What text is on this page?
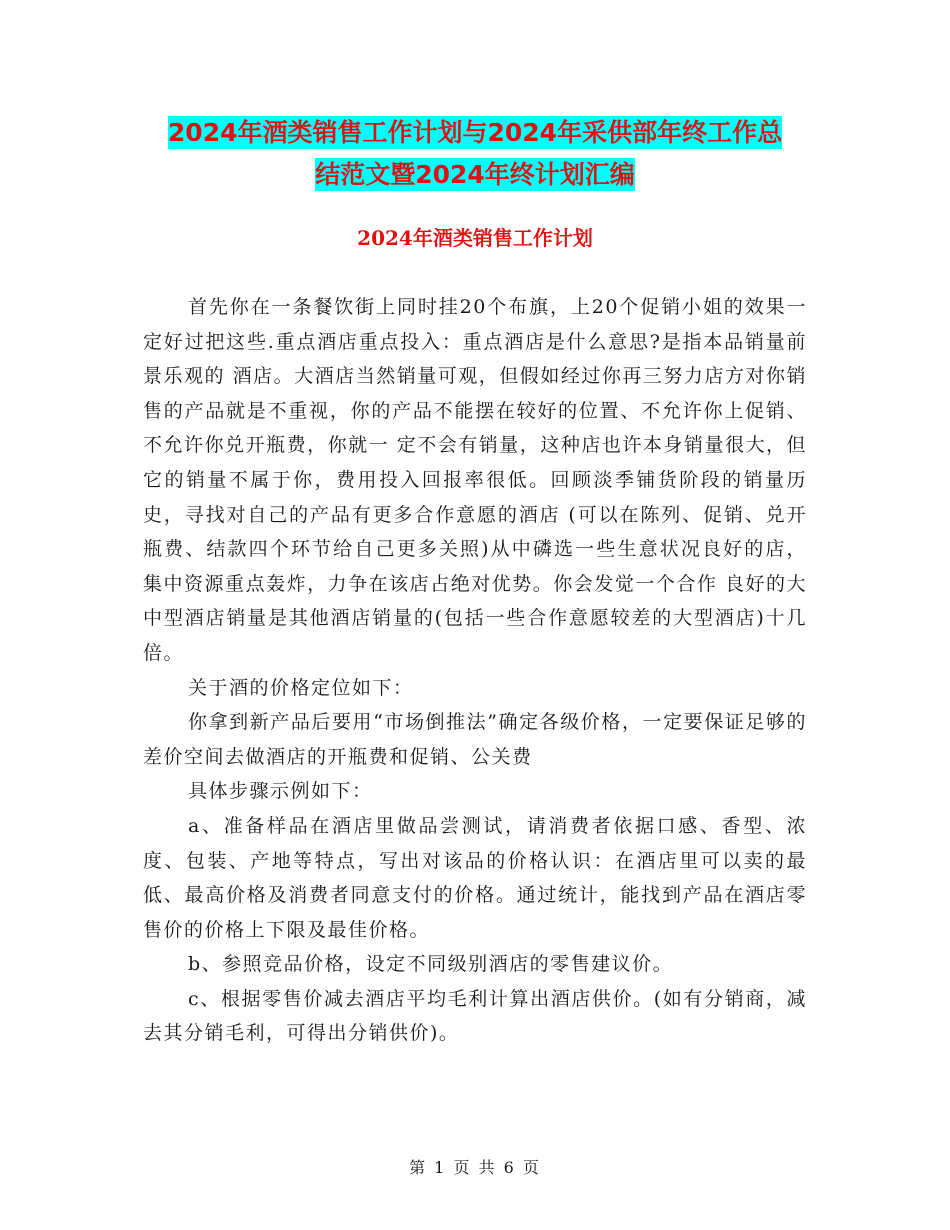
2024年酒类销售工作计划与2024年采供部年终工作总
结范文暨2024年终计划汇编
2024年酒类销售工作计划

首先你在一条餐饮街上同时挂20个布旗，上20个促销小姐的效果一定好过把这些.重点酒店重点投入：重点酒店是什么意思?是指本品销量前景乐观的 酒店。大酒店当然销量可观，但假如经过你再三努力店方对你销售的产品就是不重视，你的产品不能摆在较好的位置、不允许你上促销、不允许你兑开瓶费，你就一 定不会有销量，这种店也许本身销量很大，但它的销量不属于你，费用投入回报率很低。回顾淡季铺货阶段的销量历史，寻找对自己的产品有更多合作意愿的酒店 (可以在陈列、促销、兑开瓶费、结款四个环节给自己更多关照)从中磷选一些生意状况良好的店，集中资源重点轰炸，力争在该店占绝对优势。你会发觉一个合作 良好的大中型酒店销量是其他酒店销量的(包括一些合作意愿较差的大型酒店)十几倍。

关于酒的价格定位如下：

你拿到新产品后要用“市场倒推法”确定各级价格，一定要保证足够的差价空间去做酒店的开瓶费和促销、公关费

具体步骤示例如下：

a、准备样品在酒店里做品尝测试，请消费者依据口感、香型、浓度、包装、产地等特点，写出对该品的价格认识：在酒店里可以卖的最低、最高价格及消费者同意支付的价格。通过统计，能找到产品在酒店零售价的价格上下限及最佳价格。

b、参照竞品价格，设定不同级别酒店的零售建议价。

c、根据零售价减去酒店平均毛利计算出酒店供价。(如有分销商，减去其分销毛利，可得出分销供价)。

第 1 页 共 6 页
